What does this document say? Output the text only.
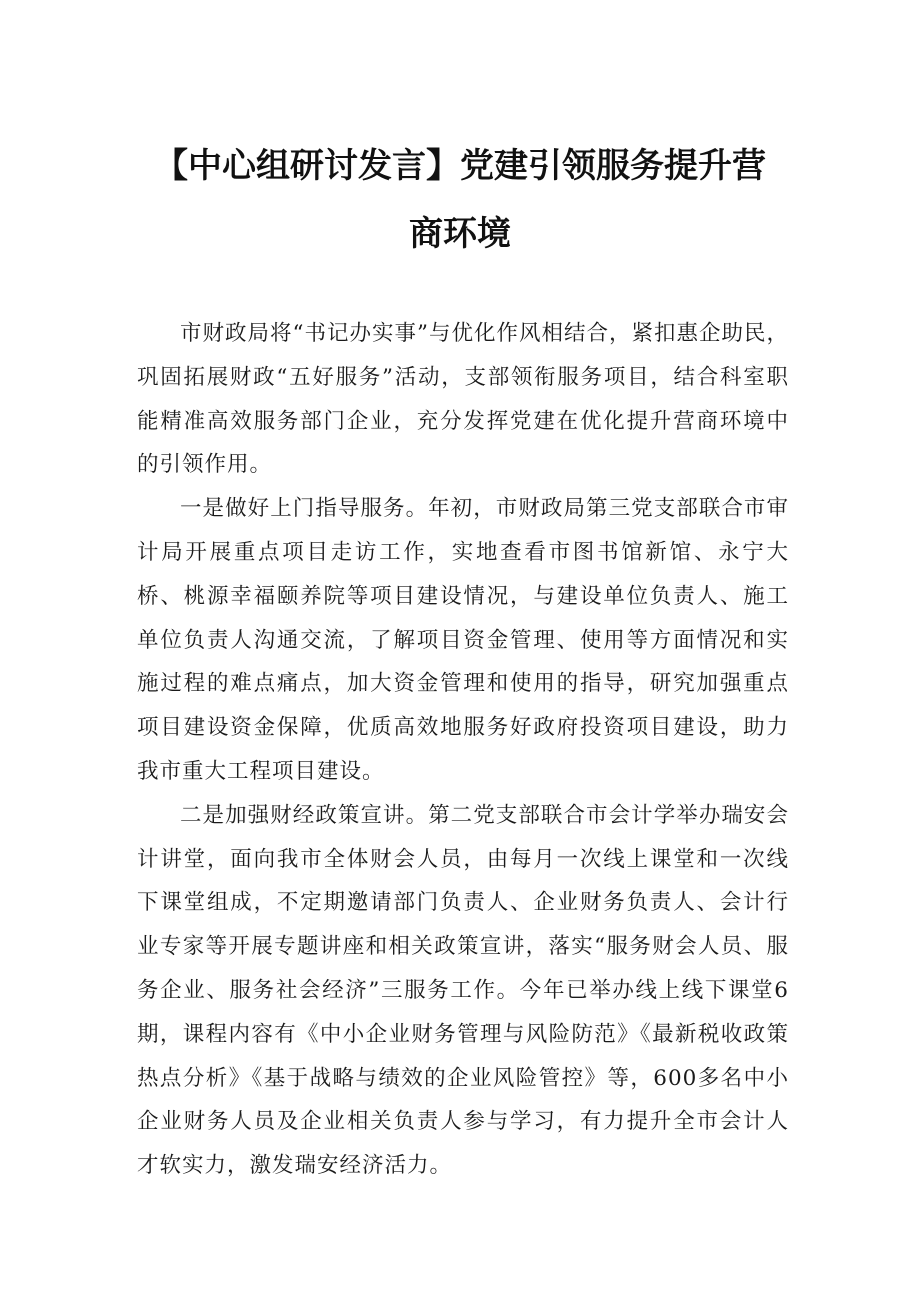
【中心组研讨发言】党建引领服务提升营
商环境

市财政局将“书记办实事”与优化作风相结合，紧扣惠企助民，巩固拓展财政“五好服务”活动，支部领衔服务项目，结合科室职能精准高效服务部门企业，充分发挥党建在优化提升营商环境中的引领作用。

一是做好上门指导服务。年初，市财政局第三党支部联合市审计局开展重点项目走访工作，实地查看市图书馆新馆、永宁大桥、桃源幸福颐养院等项目建设情况，与建设单位负责人、施工单位负责人沟通交流，了解项目资金管理、使用等方面情况和实施过程的难点痛点，加大资金管理和使用的指导，研究加强重点项目建设资金保障，优质高效地服务好政府投资项目建设，助力我市重大工程项目建设。

二是加强财经政策宣讲。第二党支部联合市会计学举办瑞安会计讲堂，面向我市全体财会人员，由每月一次线上课堂和一次线下课堂组成，不定期邀请部门负责人、企业财务负责人、会计行业专家等开展专题讲座和相关政策宣讲，落实“服务财会人员、服务企业、服务社会经济”三服务工作。今年已举办线上线下课堂6期，课程内容有《中小企业财务管理与风险防范》《最新税收政策热点分析》《基于战略与绩效的企业风险管控》等，600多名中小企业财务人员及企业相关负责人参与学习，有力提升全市会计人才软实力，激发瑞安经济活力。
